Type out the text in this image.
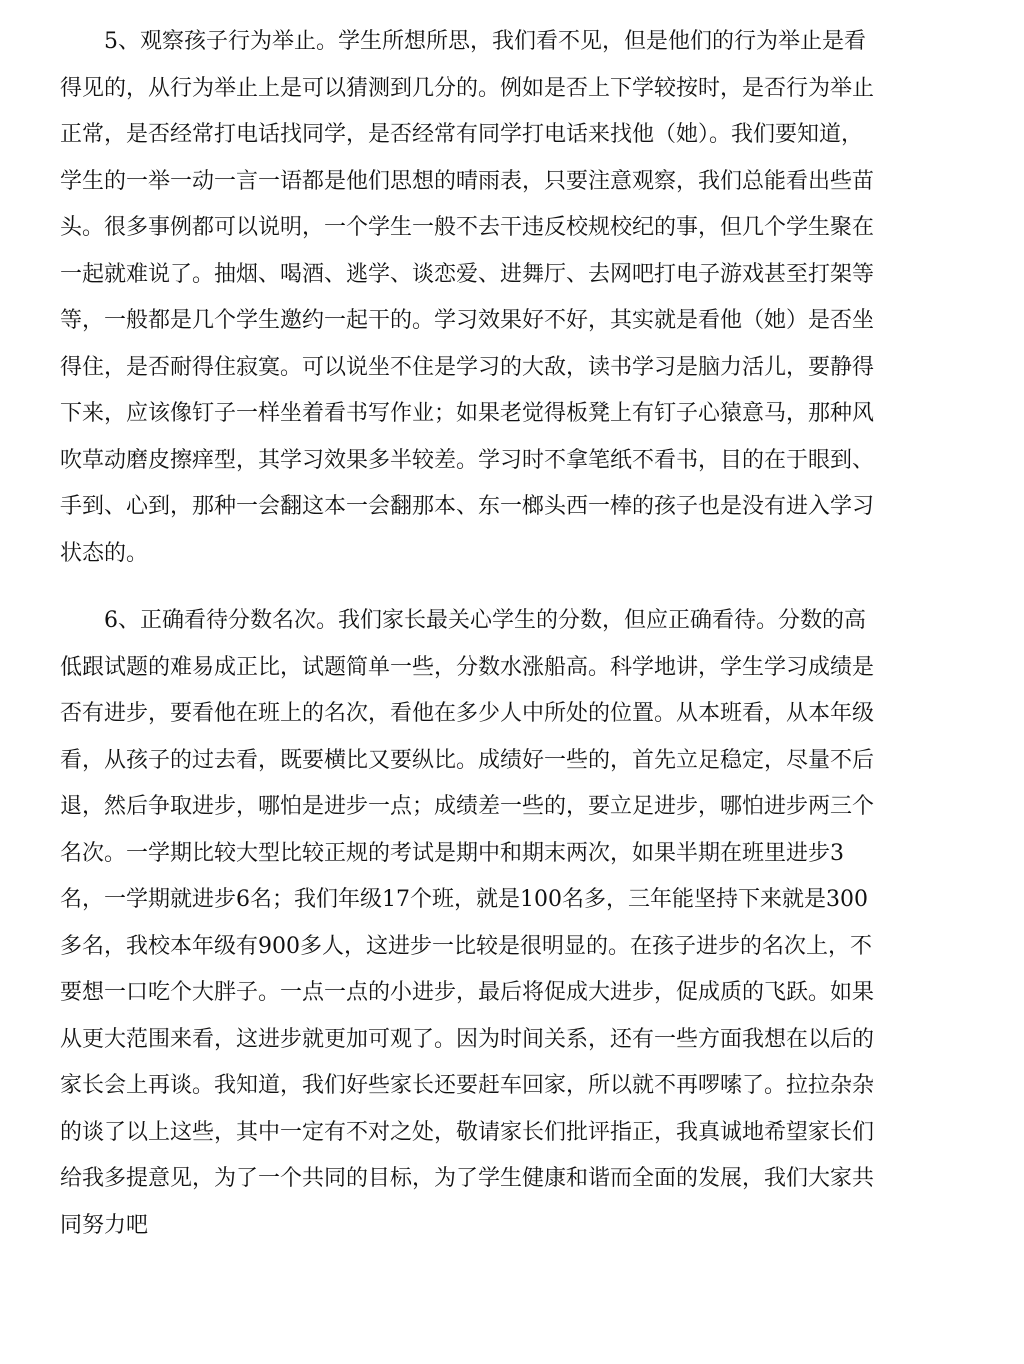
　　5、观察孩子行为举止。学生所想所思，我们看不见，但是他们的行为举止是看
得见的，从行为举止上是可以猜测到几分的。例如是否上下学较按时，是否行为举止
正常，是否经常打电话找同学，是否经常有同学打电话来找他（她）。我们要知道，
学生的一举一动一言一语都是他们思想的晴雨表，只要注意观察，我们总能看出些苗
头。很多事例都可以说明，一个学生一般不去干违反校规校纪的事，但几个学生聚在
一起就难说了。抽烟、喝酒、逃学、谈恋爱、进舞厅、去网吧打电子游戏甚至打架等
等，一般都是几个学生邀约一起干的。学习效果好不好，其实就是看他（她）是否坐
得住，是否耐得住寂寞。可以说坐不住是学习的大敌，读书学习是脑力活儿，要静得
下来，应该像钉子一样坐着看书写作业；如果老觉得板凳上有钉子心猿意马，那种风
吹草动磨皮擦痒型，其学习效果多半较差。学习时不拿笔纸不看书，目的在于眼到、
手到、心到，那种一会翻这本一会翻那本、东一榔头西一棒的孩子也是没有进入学习
状态的。
　　6、正确看待分数名次。我们家长最关心学生的分数，但应正确看待。分数的高
低跟试题的难易成正比，试题简单一些，分数水涨船高。科学地讲，学生学习成绩是
否有进步，要看他在班上的名次，看他在多少人中所处的位置。从本班看，从本年级
看，从孩子的过去看，既要横比又要纵比。成绩好一些的，首先立足稳定，尽量不后
退，然后争取进步，哪怕是进步一点；成绩差一些的，要立足进步，哪怕进步两三个
名次。一学期比较大型比较正规的考试是期中和期末两次，如果半期在班里进步3
名，一学期就进步6名；我们年级17个班，就是100名多，三年能坚持下来就是300
多名，我校本年级有900多人，这进步一比较是很明显的。在孩子进步的名次上，不
要想一口吃个大胖子。一点一点的小进步，最后将促成大进步，促成质的飞跃。如果
从更大范围来看，这进步就更加可观了。因为时间关系，还有一些方面我想在以后的
家长会上再谈。我知道，我们好些家长还要赶车回家，所以就不再啰嗦了。拉拉杂杂
的谈了以上这些，其中一定有不对之处，敬请家长们批评指正，我真诚地希望家长们
给我多提意见，为了一个共同的目标，为了学生健康和谐而全面的发展，我们大家共
同努力吧
